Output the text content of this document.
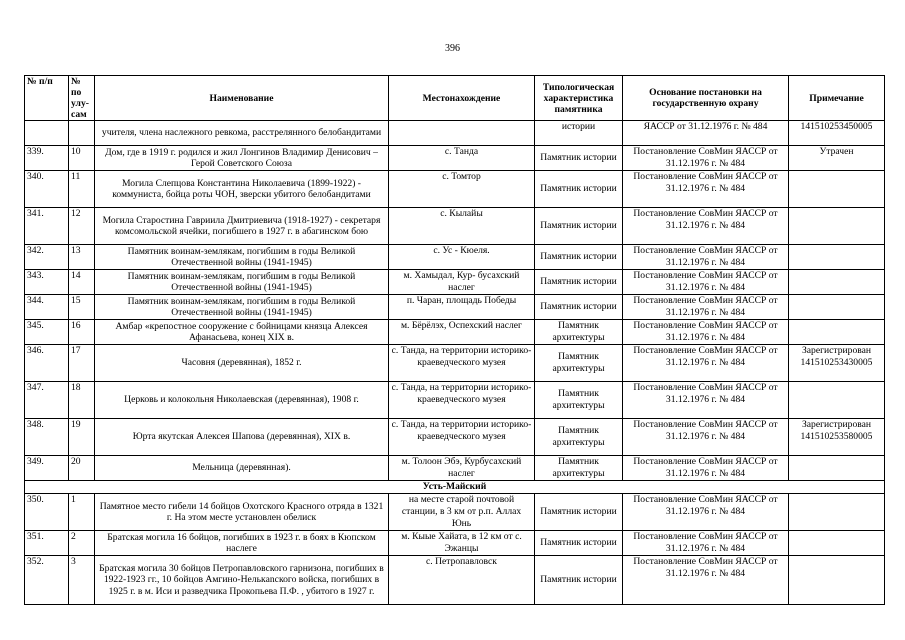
396
№ п/п	№ по улу-сам	Наименование	Местонахождение	Типологическая характеристика памятника	Основание постановки на государственную охрану	Примечание
		учителя, члена наслежного ревкома, расстрелянного белобандитами		истории	ЯАССР от 31.12.1976 г. № 484	141510253450005
339.	10	Дом, где в 1919 г. родился и жил Лонгинов Владимир Денисович – Герой Советского Союза	с. Танда	Памятник истории	Постановление СовМин ЯАССР от 31.12.1976 г. № 484	Утрачен
340.	11	Могила Слепцова Константина Николаевича (1899-1922) - коммуниста, бойца роты ЧОН, зверски убитого белобандитами	с. Томтор	Памятник истории	Постановление СовМин ЯАССР от 31.12.1976 г. № 484	
341.	12	Могила Старостина Гавриила Дмитриевича (1918-1927) - секретаря комсомольской ячейки, погибшего в 1927 г. в абагинском бою	с. Кылайы	Памятник истории	Постановление СовМин ЯАССР от 31.12.1976 г. № 484	
342.	13	Памятник воинам-землякам, погибшим в годы Великой Отечественной войны (1941-1945)	с. Ус - Кюеля.	Памятник истории	Постановление СовМин ЯАССР от 31.12.1976 г. № 484	
343.	14	Памятник воинам-землякам, погибшим в годы Великой Отечественной войны (1941-1945)	м. Хамыдал, Кур- бусахский наслег	Памятник истории	Постановление СовМин ЯАССР от 31.12.1976 г. № 484	
344.	15	Памятник воинам-землякам, погибшим в годы Великой Отечественной войны (1941-1945)	п. Чаран, площадь Победы	Памятник истории	Постановление СовМин ЯАССР от 31.12.1976 г. № 484	
345.	16	Амбар «крепостное сооружение с бойницами князца Алексея Афанасьева, конец XIX в.	м. Бёрёлэх, Оспехский наслег	Памятник архитектуры	Постановление СовМин ЯАССР от 31.12.1976 г. № 484	
346.	17	Часовня (деревянная), 1852 г.	с. Танда, на территории историко-краеведческого музея	Памятник архитектуры	Постановление СовМин ЯАССР от 31.12.1976 г. № 484	Зарегистрирован 141510253430005
347.	18	Церковь и колокольня Николаевская (деревянная), 1908 г.	с. Танда, на территории историко-краеведческого музея	Памятник архитектуры	Постановление СовМин ЯАССР от 31.12.1976 г. № 484	
348.	19	Юрта якутская Алексея Шапова (деревянная), XIX в.	с. Танда, на территории историко-краеведческого музея	Памятник архитектуры	Постановление СовМин ЯАССР от 31.12.1976 г. № 484	Зарегистрирован 141510253580005
349.	20	Мельница (деревянная).	м. Толоон Эбэ, Курбусахский наслег	Памятник архитектуры	Постановление СовМин ЯАССР от 31.12.1976 г. № 484	
Усть-Майский						
350.	1	Памятное место гибели 14 бойцов Охотского Красного отряда в 1321 г. На этом месте установлен обелиск	на месте старой почтовой станции, в 3 км от р.п. Аллах Юнь	Памятник истории	Постановление СовМин ЯАССР от 31.12.1976 г. № 484	
351.	2	Братская могила 16 бойцов, погибших в 1923 г. в боях в Кюпском наслеге	м. Кыые Хайата, в 12 км от с. Эжанцы	Памятник истории	Постановление СовМин ЯАССР от 31.12.1976 г. № 484	
352.	3	Братская могила 30 бойцов Петропавловского гарнизона, погибших в 1922-1923 гг., 10 бойцов Амгино-Нелькanского войска, погибших в 1925 г. в м. Иси и разведчика Прокопьева П.Ф. , убитого в 1927 г.	с. Петропавловск	Памятник истории	Постановление СовМин ЯАССР от 31.12.1976 г. № 484	
